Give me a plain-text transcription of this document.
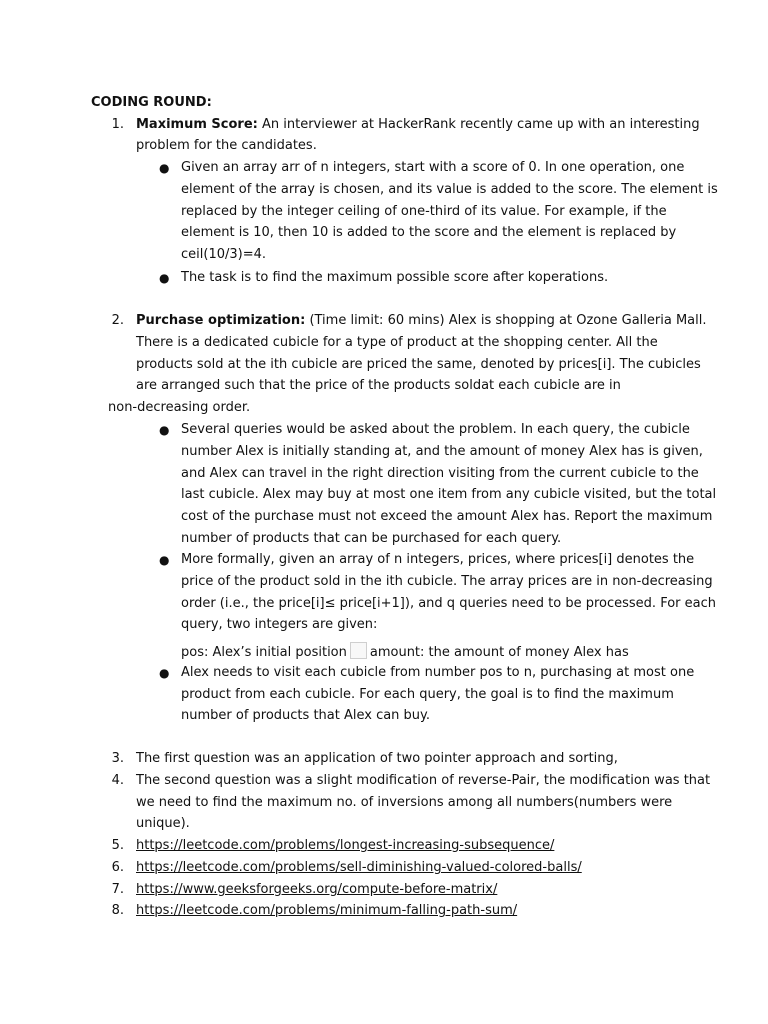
CODING ROUND:
1. Maximum Score: An interviewer at HackerRank recently came up with an interesting
problem for the candidates.
● Given an array arr of n integers, start with a score of 0. In one operation, one
element of the array is chosen, and its value is added to the score. The element is
replaced by the integer ceiling of one-third of its value. For example, if the
element is 10, then 10 is added to the score and the element is replaced by
ceil(10/3)=4.
● The task is to find the maximum possible score after koperations.
2. Purchase optimization: (Time limit: 60 mins) Alex is shopping at Ozone Galleria Mall.
There is a dedicated cubicle for a type of product at the shopping center. All the
products sold at the ith cubicle are priced the same, denoted by prices[i]. The cubicles
are arranged such that the price of the products soldat each cubicle are in
non-decreasing order.
● Several queries would be asked about the problem. In each query, the cubicle
number Alex is initially standing at, and the amount of money Alex has is given,
and Alex can travel in the right direction visiting from the current cubicle to the
last cubicle. Alex may buy at most one item from any cubicle visited, but the total
cost of the purchase must not exceed the amount Alex has. Report the maximum
number of products that can be purchased for each query.
● More formally, given an array of n integers, prices, where prices[i] denotes the
price of the product sold in the ith cubicle. The array prices are in non-decreasing
order (i.e., the price[i]≤ price[i+1]), and q queries need to be processed. For each
query, two integers are given:
pos: Alex’s initial position amount: the amount of money Alex has
● Alex needs to visit each cubicle from number pos to n, purchasing at most one
product from each cubicle. For each query, the goal is to find the maximum
number of products that Alex can buy.
3. The first question was an application of two pointer approach and sorting,
4. The second question was a slight modification of reverse-Pair, the modification was that
we need to find the maximum no. of inversions among all numbers(numbers were
unique).
5. https://leetcode.com/problems/longest-increasing-subsequence/
6. https://leetcode.com/problems/sell-diminishing-valued-colored-balls/
7. https://www.geeksforgeeks.org/compute-before-matrix/
8. https://leetcode.com/problems/minimum-falling-path-sum/
